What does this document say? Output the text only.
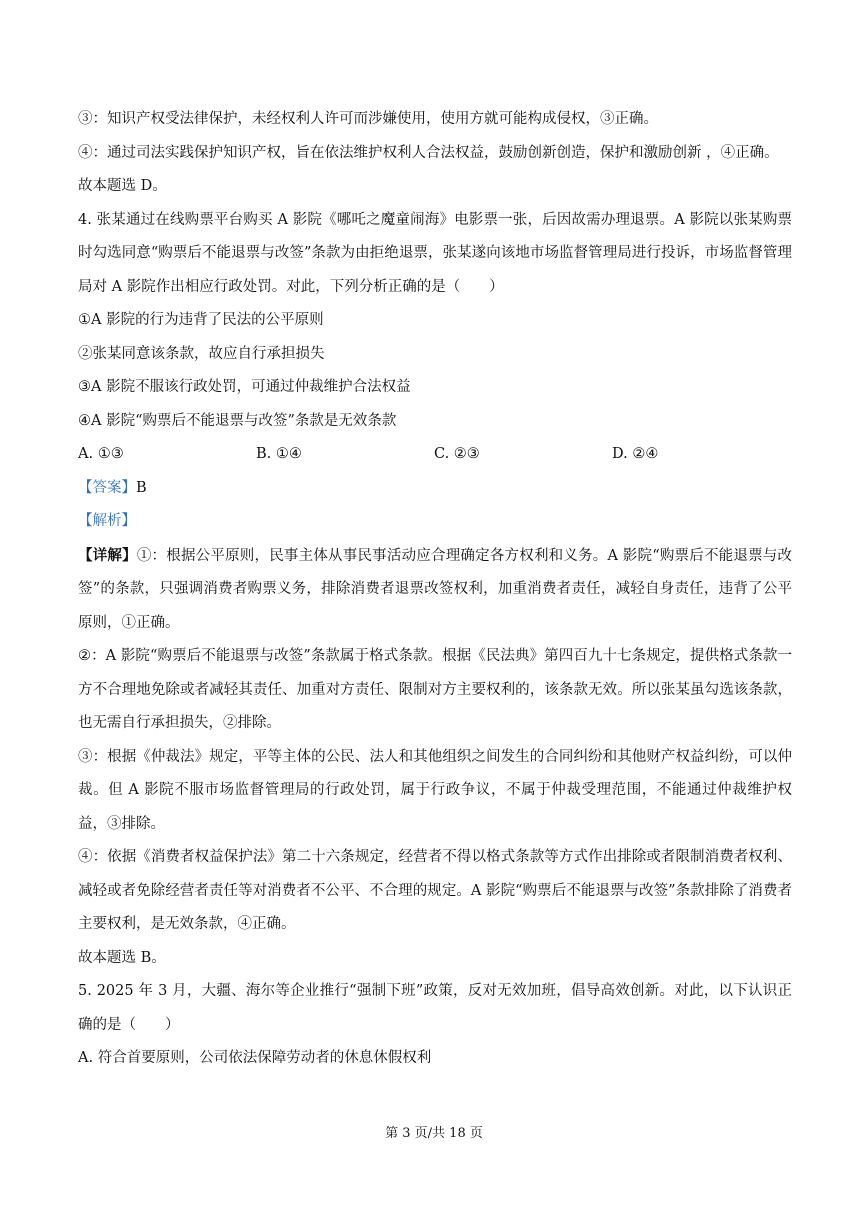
③：知识产权受法律保护，未经权利人许可而涉嫌使用，使用方就可能构成侵权，③正确。

④：通过司法实践保护知识产权，旨在依法维护权利人合法权益，鼓励创新创造，保护和激励创新 ，④正确。

故本题选 D。

4. 张某通过在线购票平台购买 A 影院《哪吒之魔童闹海》电影票一张，后因故需办理退票。A 影院以张某购票时勾选同意“购票后不能退票与改签”条款为由拒绝退票，张某遂向该地市场监督管理局进行投诉，市场监督管理局对 A 影院作出相应行政处罚。对此，下列分析正确的是（　　）

①A 影院的行为违背了民法的公平原则

②张某同意该条款，故应自行承担损失

③A 影院不服该行政处罚，可通过仲裁维护合法权益

④A 影院“购票后不能退票与改签”条款是无效条款

A. ①③	B. ①④	C. ②③	D. ②④

【答案】B

【解析】

【详解】①：根据公平原则，民事主体从事民事活动应合理确定各方权利和义务。A 影院“购票后不能退票与改签”的条款，只强调消费者购票义务，排除消费者退票改签权利，加重消费者责任，减轻自身责任，违背了公平原则，①正确。

②：A 影院“购票后不能退票与改签”条款属于格式条款。根据《民法典》第四百九十七条规定，提供格式条款一方不合理地免除或者减轻其责任、加重对方责任、限制对方主要权利的，该条款无效。所以张某虽勾选该条款，也无需自行承担损失，②排除。

③：根据《仲裁法》规定，平等主体的公民、法人和其他组织之间发生的合同纠纷和其他财产权益纠纷，可以仲裁。但 A 影院不服市场监督管理局的行政处罚，属于行政争议，不属于仲裁受理范围，不能通过仲裁维护权益，③排除。

④：依据《消费者权益保护法》第二十六条规定，经营者不得以格式条款等方式作出排除或者限制消费者权利、减轻或者免除经营者责任等对消费者不公平、不合理的规定。A 影院“购票后不能退票与改签”条款排除了消费者主要权利，是无效条款，④正确。

故本题选 B。

5. 2025 年 3 月，大疆、海尔等企业推行“强制下班”政策，反对无效加班，倡导高效创新。对此，以下认识正确的是（　　）

A. 符合首要原则，公司依法保障劳动者的休息休假权利

第 3 页/共 18 页
